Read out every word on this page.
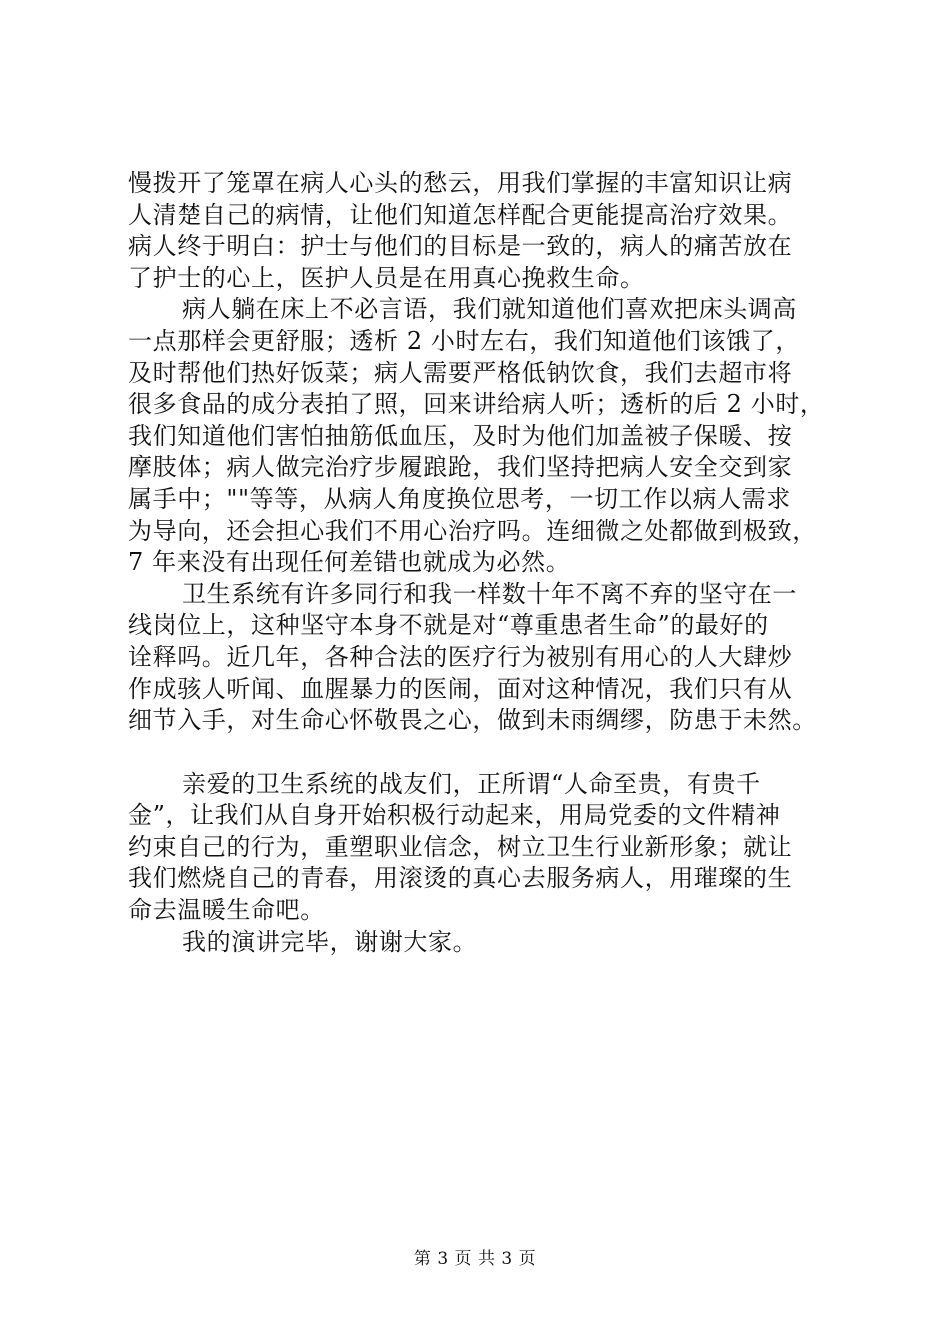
慢拨开了笼罩在病人心头的愁云，用我们掌握的丰富知识让病
人清楚自己的病情，让他们知道怎样配合更能提高治疗效果。
病人终于明白：护士与他们的目标是一致的，病人的痛苦放在
了护士的心上，医护人员是在用真心挽救生命。
病人躺在床上不必言语，我们就知道他们喜欢把床头调高
一点那样会更舒服；透析 2 小时左右，我们知道他们该饿了，
及时帮他们热好饭菜；病人需要严格低钠饮食，我们去超市将
很多食品的成分表拍了照，回来讲给病人听；透析的后 2 小时，
我们知道他们害怕抽筋低血压，及时为他们加盖被子保暖、按
摩肢体；病人做完治疗步履踉跄，我们坚持把病人安全交到家
属手中；""等等，从病人角度换位思考，一切工作以病人需求
为导向，还会担心我们不用心治疗吗。连细微之处都做到极致，
7 年来没有出现任何差错也就成为必然。
卫生系统有许多同行和我一样数十年不离不弃的坚守在一
线岗位上，这种坚守本身不就是对“尊重患者生命”的最好的
诠释吗。近几年，各种合法的医疗行为被别有用心的人大肆炒
作成骇人听闻、血腥暴力的医闹，面对这种情况，我们只有从
细节入手，对生命心怀敬畏之心，做到未雨绸缪，防患于未然。
亲爱的卫生系统的战友们，正所谓“人命至贵，有贵千
金”，让我们从自身开始积极行动起来，用局党委的文件精神
约束自己的行为，重塑职业信念，树立卫生行业新形象；就让
我们燃烧自己的青春，用滚烫的真心去服务病人，用璀璨的生
命去温暖生命吧。
我的演讲完毕，谢谢大家。
第 3 页 共 3 页
